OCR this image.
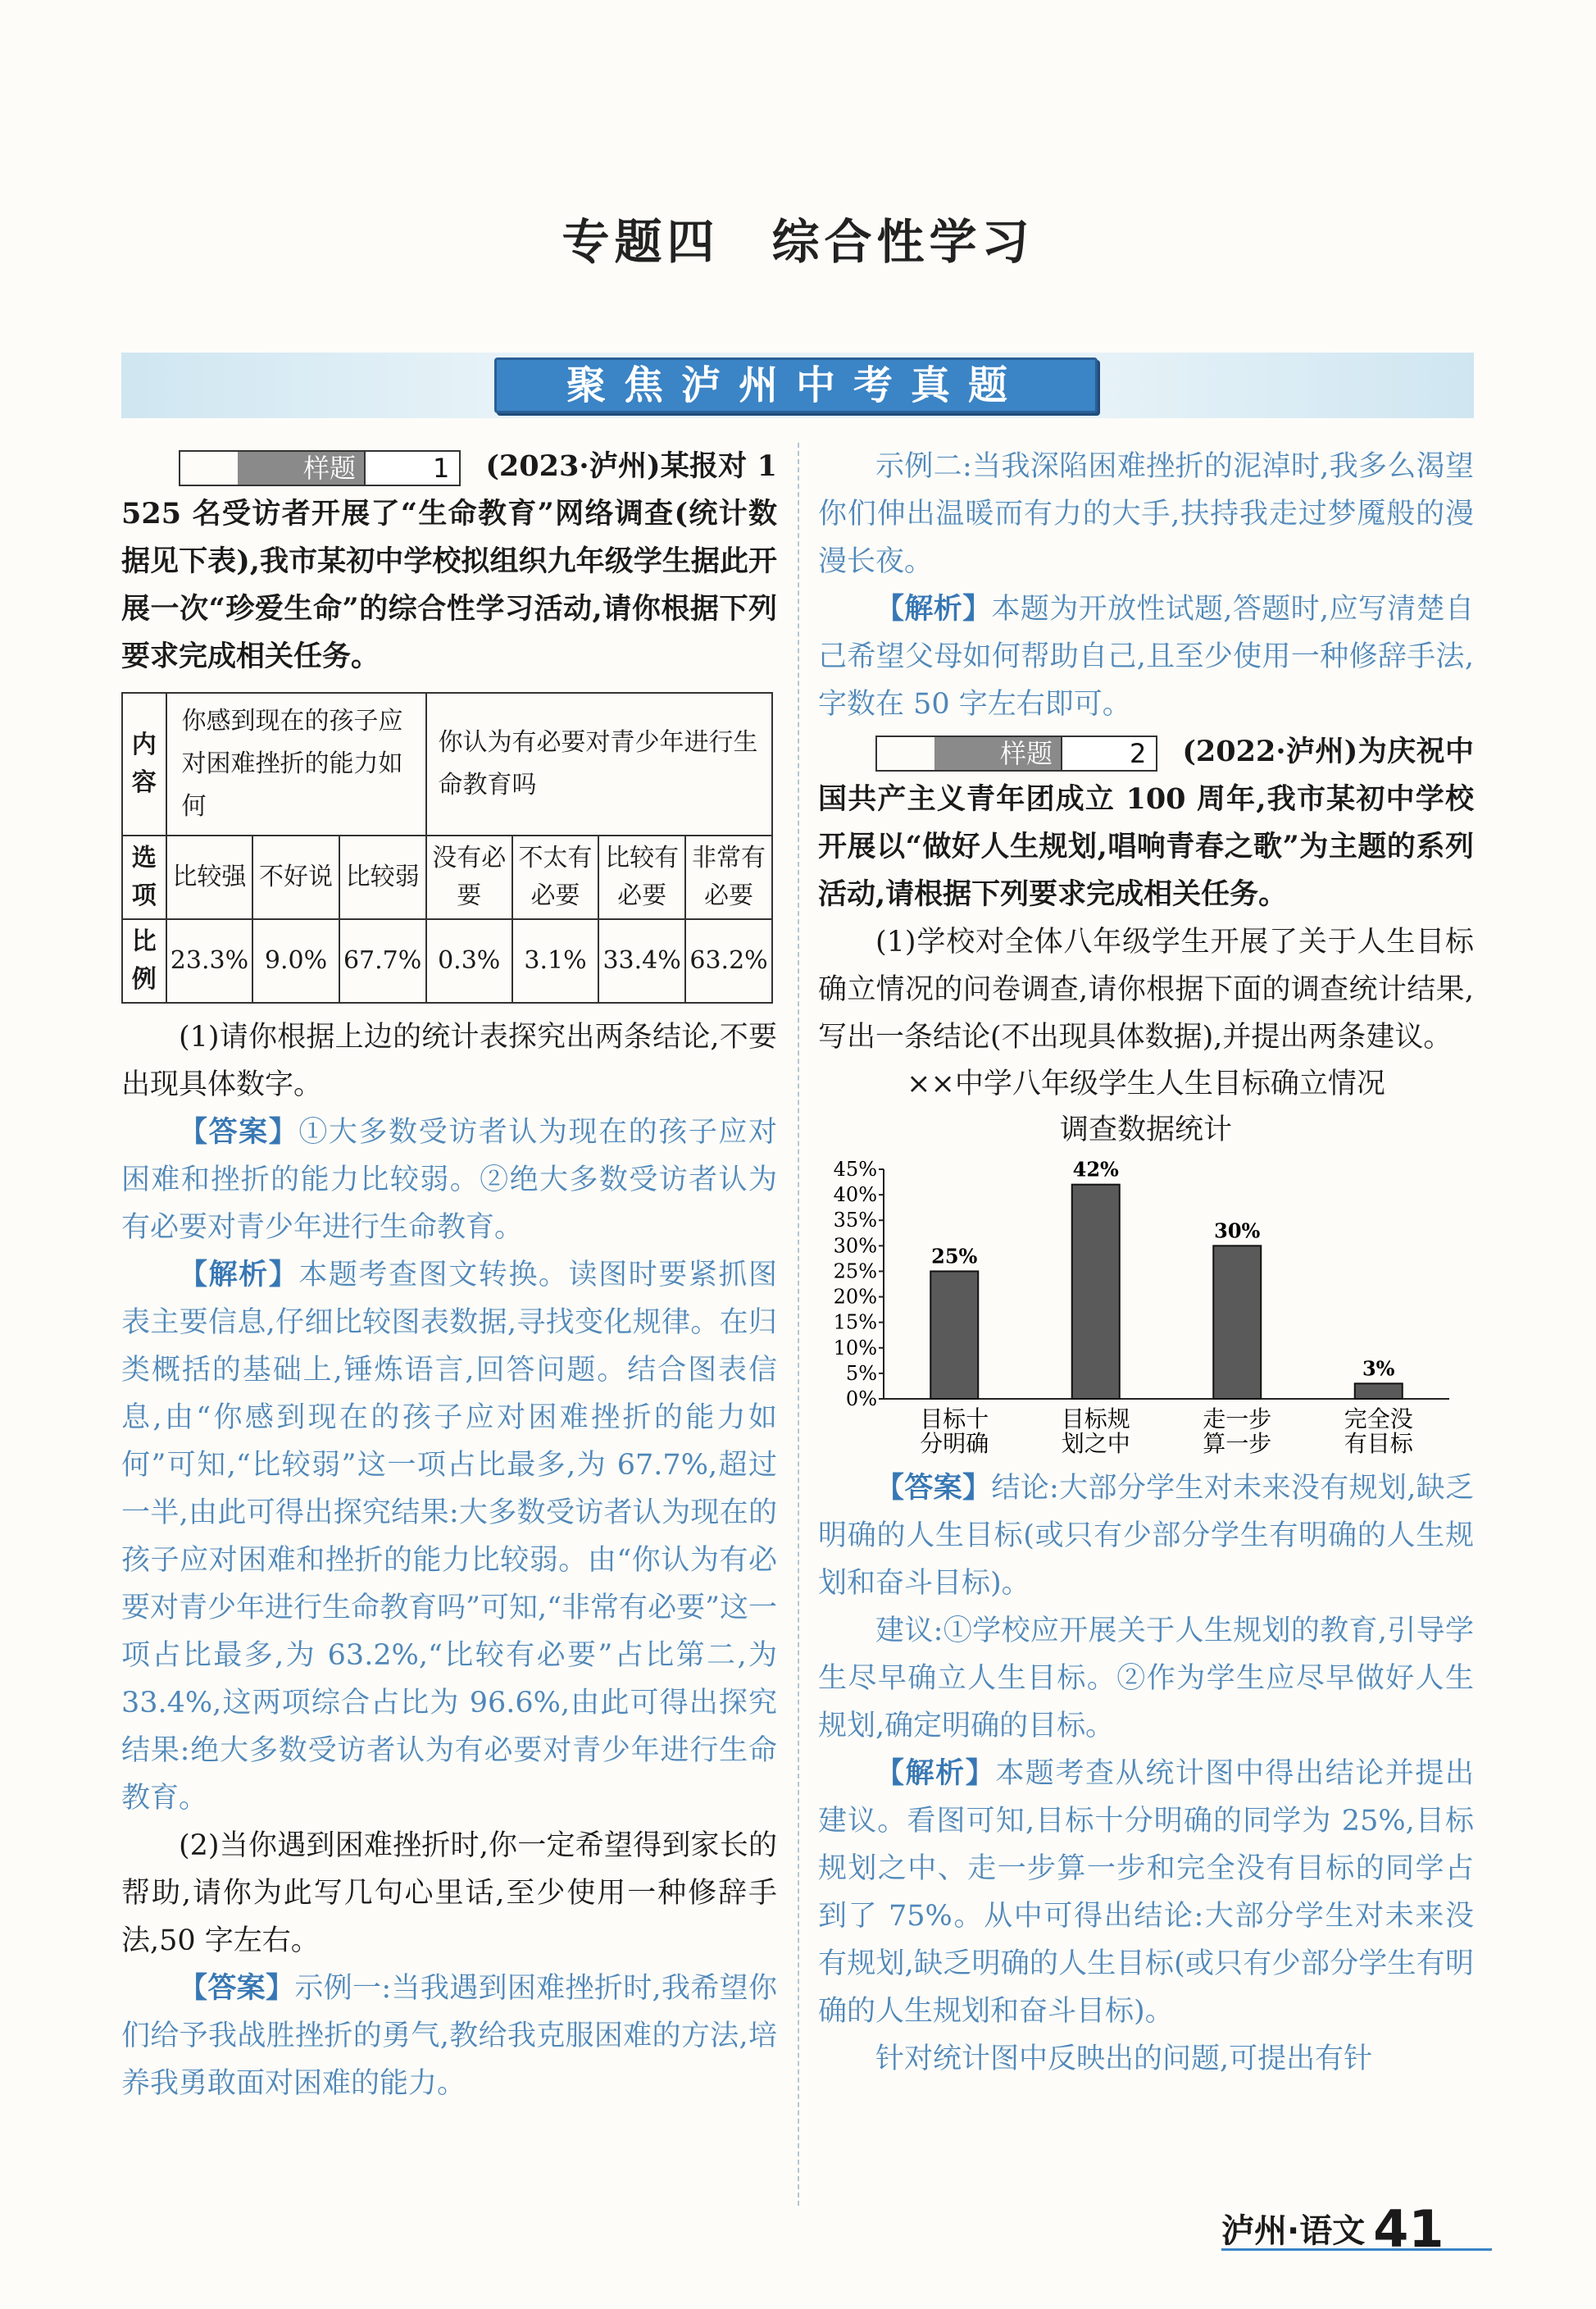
专题四　综合性学习
聚焦泸州中考真题

样题	1 (2023·泸州)某报对 1 525 名受访者开展了“生命教育”网络调查(统计数据见下表),我市某初中学校拟组织九年级学生据此开展一次“珍爱生命”的综合性学习活动,请你根据下列要求完成相关任务。

内容	你感到现在的孩子应对困难挫折的能力如何			你认为有必要对青少年进行生命教育吗			
选项	比较强	不好说	比较弱	没有必要	不太有必要	比较有必要	非常有必要
比例	23.3%	9.0%	67.7%	0.3%	3.1%	33.4%	63.2%

(1)请你根据上边的统计表探究出两条结论,不要出现具体数字。

【答案】①大多数受访者认为现在的孩子应对困难和挫折的能力比较弱。②绝大多数受访者认为有必要对青少年进行生命教育。

【解析】本题考查图文转换。读图时要紧抓图表主要信息,仔细比较图表数据,寻找变化规律。在归类概括的基础上,锤炼语言,回答问题。结合图表信息,由“你感到现在的孩子应对困难挫折的能力如何”可知,“比较弱”这一项占比最多,为 67.7%,超过一半,由此可得出探究结果:大多数受访者认为现在的孩子应对困难和挫折的能力比较弱。由“你认为有必要对青少年进行生命教育吗”可知,“非常有必要”这一项占比最多,为 63.2%,“比较有必要”占比第二,为 33.4%,这两项综合占比为 96.6%,由此可得出探究结果:绝大多数受访者认为有必要对青少年进行生命教育。

(2)当你遇到困难挫折时,你一定希望得到家长的帮助,请你为此写几句心里话,至少使用一种修辞手法,50 字左右。

【答案】示例一:当我遇到困难挫折时,我希望你们给予我战胜挫折的勇气,教给我克服困难的方法,培养我勇敢面对困难的能力。

示例二:当我深陷困难挫折的泥淖时,我多么渴望你们伸出温暖而有力的大手,扶持我走过梦魇般的漫漫长夜。

【解析】本题为开放性试题,答题时,应写清楚自己希望父母如何帮助自己,且至少使用一种修辞手法,字数在 50 字左右即可。

样题	2 (2022·泸州)为庆祝中国共产主义青年团成立 100 周年,我市某初中学校开展以“做好人生规划,唱响青春之歌”为主题的系列活动,请根据下列要求完成相关任务。

(1)学校对全体八年级学生开展了关于人生目标确立情况的问卷调查,请你根据下面的调查统计结果,写出一条结论(不出现具体数据),并提出两条建议。

××中学八年级学生人生目标确立情况
调查数据统计
0%
5%
10%
15%
20%
25%
30%
35%
40%
45%
25%
目标十
分明确
42%
目标规
划之中
30%
走一步
算一步
3%
完全没
有目标

【答案】结论:大部分学生对未来没有规划,缺乏明确的人生目标(或只有少部分学生有明确的人生规划和奋斗目标)。

建议:①学校应开展关于人生规划的教育,引导学生尽早确立人生目标。②作为学生应尽早做好人生规划,确定明确的目标。

【解析】本题考查从统计图中得出结论并提出建议。看图可知,目标十分明确的同学为 25%,目标规划之中、走一步算一步和完全没有目标的同学占到了 75%。从中可得出结论:大部分学生对未来没有规划,缺乏明确的人生目标(或只有少部分学生有明确的人生规划和奋斗目标)。

针对统计图中反映出的问题,可提出有针

泸州·语文 41
